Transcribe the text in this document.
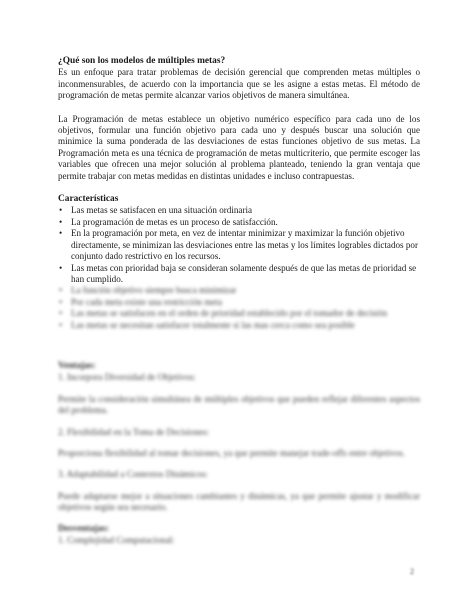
¿Qué son los modelos de múltiples metas?

Es un enfoque para tratar problemas de decisión gerencial que comprenden metas múltiples o inconmensurables, de acuerdo con la importancia que se les asigne a estas metas. El método de programación de metas permite alcanzar varios objetivos de manera simultánea.

La Programación de metas establece un objetivo numérico específico para cada uno de los objetivos, formular una función objetivo para cada uno y después buscar una solución que minimice la suma ponderada de las desviaciones de estas funciones objetivo de sus metas. La Programación meta es una técnica de programación de metas multicriterio, que permite escoger las variables que ofrecen una mejor solución al problema planteado, teniendo la gran ventaja que permite trabajar con metas medidas en distintas unidades e incluso contrapuestas.

Características
• Las metas se satisfacen en una situación ordinaria
• La programación de metas es un proceso de satisfacción.
• En la programación por meta, en vez de intentar minimizar y maximizar la función objetivo directamente, se minimizan las desviaciones entre las metas y los límites logrables dictados por conjunto dado restrictivo en los recursos.
• Las metas con prioridad baja se consideran solamente después de que las metas de prioridad se han cumplido.
• La función objetivo siempre busca minimizar
• Por cada meta existe una restricción meta
• Las metas se satisfacen en el orden de prioridad establecido por el tomador de decisión
• Las metas se necesitan satisfacer totalmente si las mas cerca como sea posible
Ventajas:
1. Incorpora Diversidad de Objetivos:

Permite la consideración simultánea de múltiples objetivos que pueden reflejar diferentes aspectos del problema.

2. Flexibilidad en la Toma de Decisiones:

Proporciona flexibilidad al tomar decisiones, ya que permite manejar trade-offs entre objetivos.

3. Adaptabilidad a Contextos Dinámicos:

Puede adaptarse mejor a situaciones cambiantes y dinámicas, ya que permite ajustar y modificar objetivos según sea necesario.

Desventajas:
1. Complejidad Computacional:
2
